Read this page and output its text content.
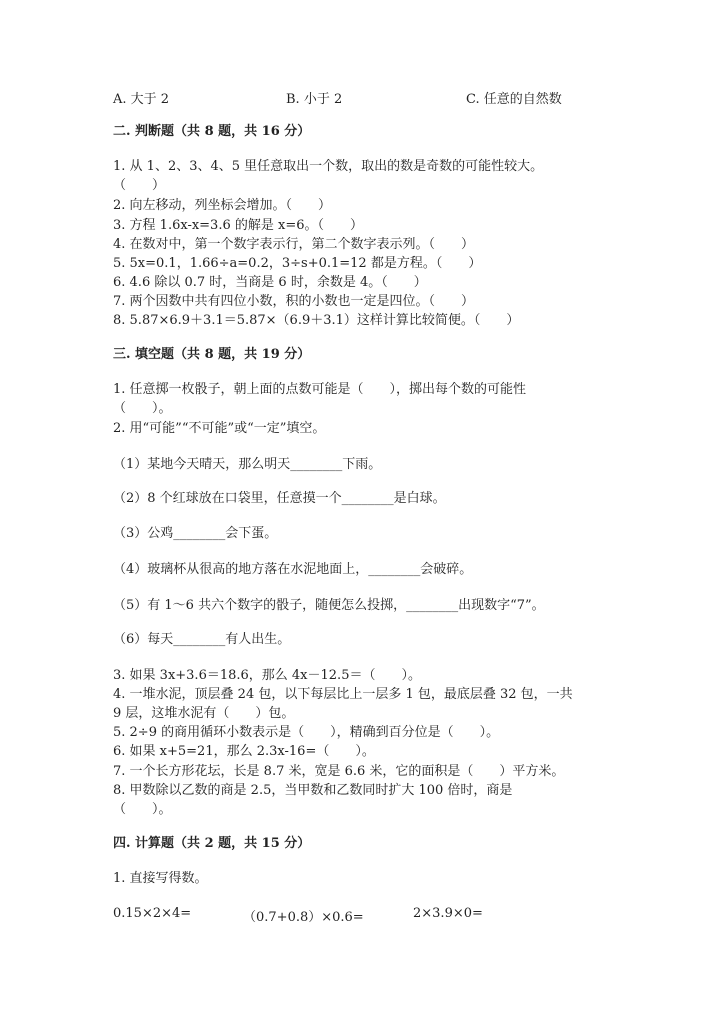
A. 大于 2	B. 小于 2	C. 任意的自然数
二. 判断题（共 8 题，共 16 分）
1. 从 1、2、3、4、5 里任意取出一个数，取出的数是奇数的可能性较大。
（　　）
2. 向左移动，列坐标会增加。（　　）
3. 方程 1.6x-x=3.6 的解是 x=6。（　　）
4. 在数对中，第一个数字表示行，第二个数字表示列。（　　）
5. 5x=0.1，1.66÷a=0.2，3÷s+0.1=12 都是方程。（　　）
6. 4.6 除以 0.7 时，当商是 6 时，余数是 4。（　　）
7. 两个因数中共有四位小数，积的小数也一定是四位。（　　）
8. 5.87×6.9＋3.1＝5.87×（6.9＋3.1）这样计算比较简便。（　　）
三. 填空题（共 8 题，共 19 分）
1. 任意掷一枚骰子，朝上面的点数可能是（　　），掷出每个数的可能性
（　　）。
2. 用“可能”“不可能”或“一定”填空。
（1）某地今天晴天，那么明天________下雨。
（2）8 个红球放在口袋里，任意摸一个________是白球。
（3）公鸡________会下蛋。
（4）玻璃杯从很高的地方落在水泥地面上，________会破碎。
（5）有 1～6 共六个数字的骰子，随便怎么投掷，________出现数字“7”。
（6）每天________有人出生。
3. 如果 3x+3.6＝18.6，那么 4x－12.5＝（　　）。
4. 一堆水泥，顶层叠 24 包，以下每层比上一层多 1 包，最底层叠 32 包，一共
9 层，这堆水泥有（　　）包。
5. 2÷9 的商用循环小数表示是（　　），精确到百分位是（　　）。
6. 如果 x+5=21，那么 2.3x-16=（　　）。
7. 一个长方形花坛，长是 8.7 米，宽是 6.6 米，它的面积是（　　）平方米。
8. 甲数除以乙数的商是 2.5，当甲数和乙数同时扩大 100 倍时，商是
（　　）。
四. 计算题（共 2 题，共 15 分）
1. 直接写得数。
0.15×2×4=	（0.7+0.8）×0.6=	2×3.9×0=
